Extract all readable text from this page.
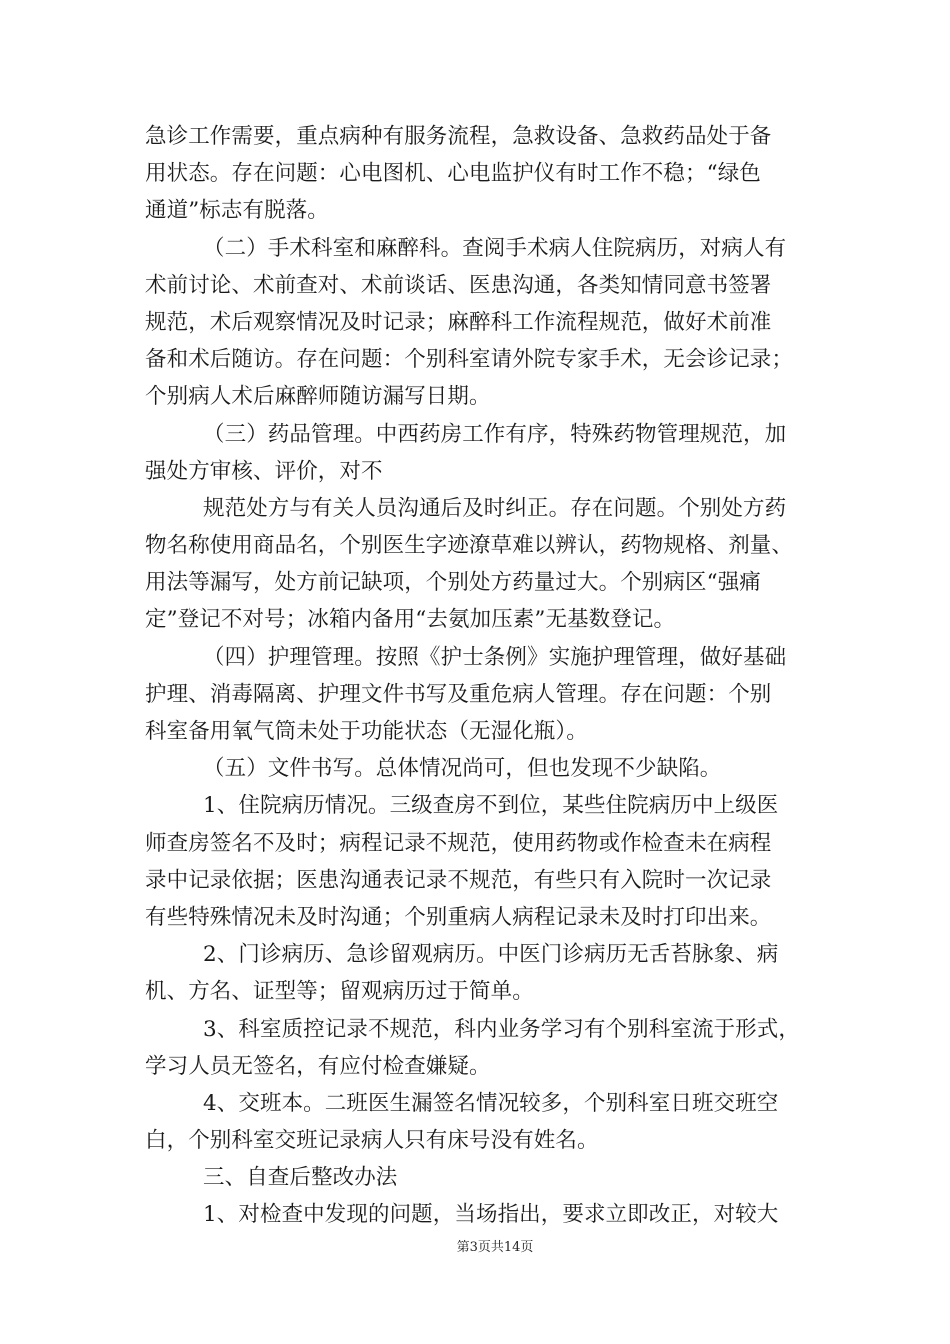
急诊工作需要，重点病种有服务流程，急救设备、急救药品处于备
用状态。存在问题：心电图机、心电监护仪有时工作不稳；“绿色
通道”标志有脱落。
（二）手术科室和麻醉科。查阅手术病人住院病历，对病人有
术前讨论、术前查对、术前谈话、医患沟通，各类知情同意书签署
规范，术后观察情况及时记录；麻醉科工作流程规范，做好术前准
备和术后随访。存在问题：个别科室请外院专家手术，无会诊记录；
个别病人术后麻醉师随访漏写日期。
（三）药品管理。中西药房工作有序，特殊药物管理规范，加
强处方审核、评价，对不
规范处方与有关人员沟通后及时纠正。存在问题。个别处方药
物名称使用商品名，个别医生字迹潦草难以辨认，药物规格、剂量、
用法等漏写，处方前记缺项，个别处方药量过大。个别病区“强痛
定”登记不对号；冰箱内备用“去氨加压素”无基数登记。
（四）护理管理。按照《护士条例》实施护理管理，做好基础
护理、消毒隔离、护理文件书写及重危病人管理。存在问题：个别
科室备用氧气筒未处于功能状态（无湿化瓶）。
（五）文件书写。总体情况尚可，但也发现不少缺陷。
1、住院病历情况。三级查房不到位，某些住院病历中上级医
师查房签名不及时；病程记录不规范，使用药物或作检查未在病程
录中记录依据；医患沟通表记录不规范，有些只有入院时一次记录
有些特殊情况未及时沟通；个别重病人病程记录未及时打印出来。
2、门诊病历、急诊留观病历。中医门诊病历无舌苔脉象、病
机、方名、证型等；留观病历过于简单。
3、科室质控记录不规范，科内业务学习有个别科室流于形式，
学习人员无签名，有应付检查嫌疑。
4、交班本。二班医生漏签名情况较多，个别科室日班交班空
白，个别科室交班记录病人只有床号没有姓名。
三、自查后整改办法
1、对检查中发现的问题，当场指出，要求立即改正，对较大
第3页共14页
